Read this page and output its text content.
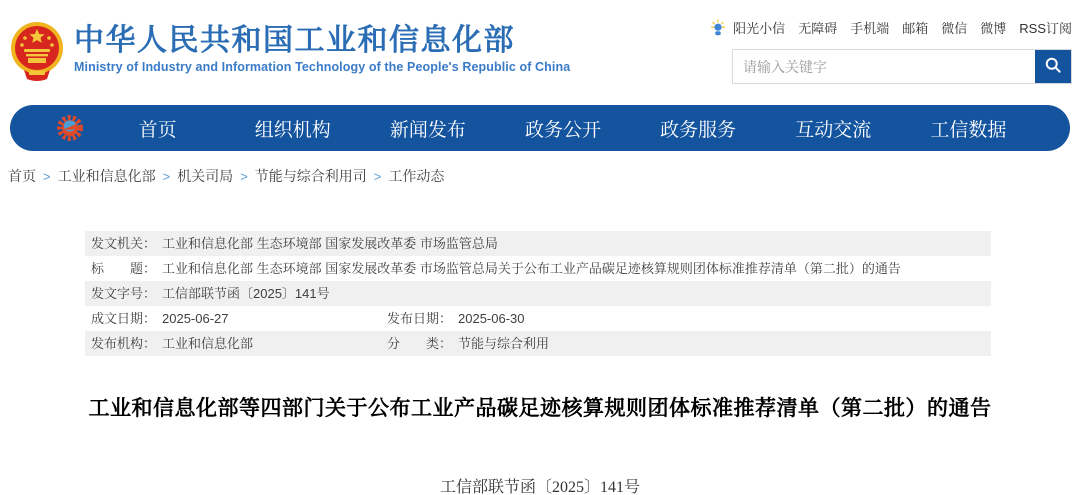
中华人民共和国工业和信息化部
Ministry of Industry and Information Technology of the People's Republic of China
阳光小信 无障碍 手机端 邮箱 微信 微博 RSS订阅
请输入关键字
首页	组织机构	新闻发布	政务公开	政务服务	互动交流	工信数据
首页 > 工业和信息化部 > 机关司局 > 节能与综合利用司 > 工作动态
发文机关： 工业和信息化部 生态环境部 国家发展改革委 市场监管总局
标　　题： 工业和信息化部 生态环境部 国家发展改革委 市场监管总局关于公布工业产品碳足迹核算规则团体标准推荐清单（第二批）的通告
发文字号： 工信部联节函〔2025〕141号
成文日期： 2025-06-27	发布日期： 2025-06-30
发布机构： 工业和信息化部	分　　类： 节能与综合利用
工业和信息化部等四部门关于公布工业产品碳足迹核算规则团体标准推荐清单（第二批）的通告
工信部联节函〔2025〕141号
